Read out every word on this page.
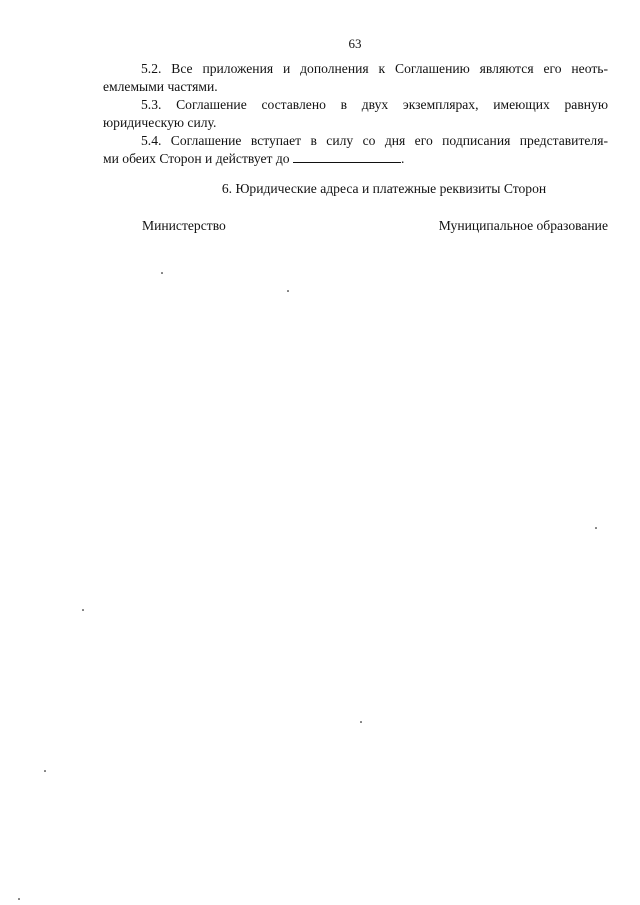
63

5.2. Все приложения и дополнения к Соглашению являются его неоть-
емлемыми частями.

5.3. Соглашение составлено в двух экземплярах, имеющих равную
юридическую силу.

5.4. Соглашение вступает в силу со дня его подписания представителя-
ми обеих Сторон и действует до	.

6. Юридические адреса и платежные реквизиты Сторон
Министерство	Муниципальное образование
